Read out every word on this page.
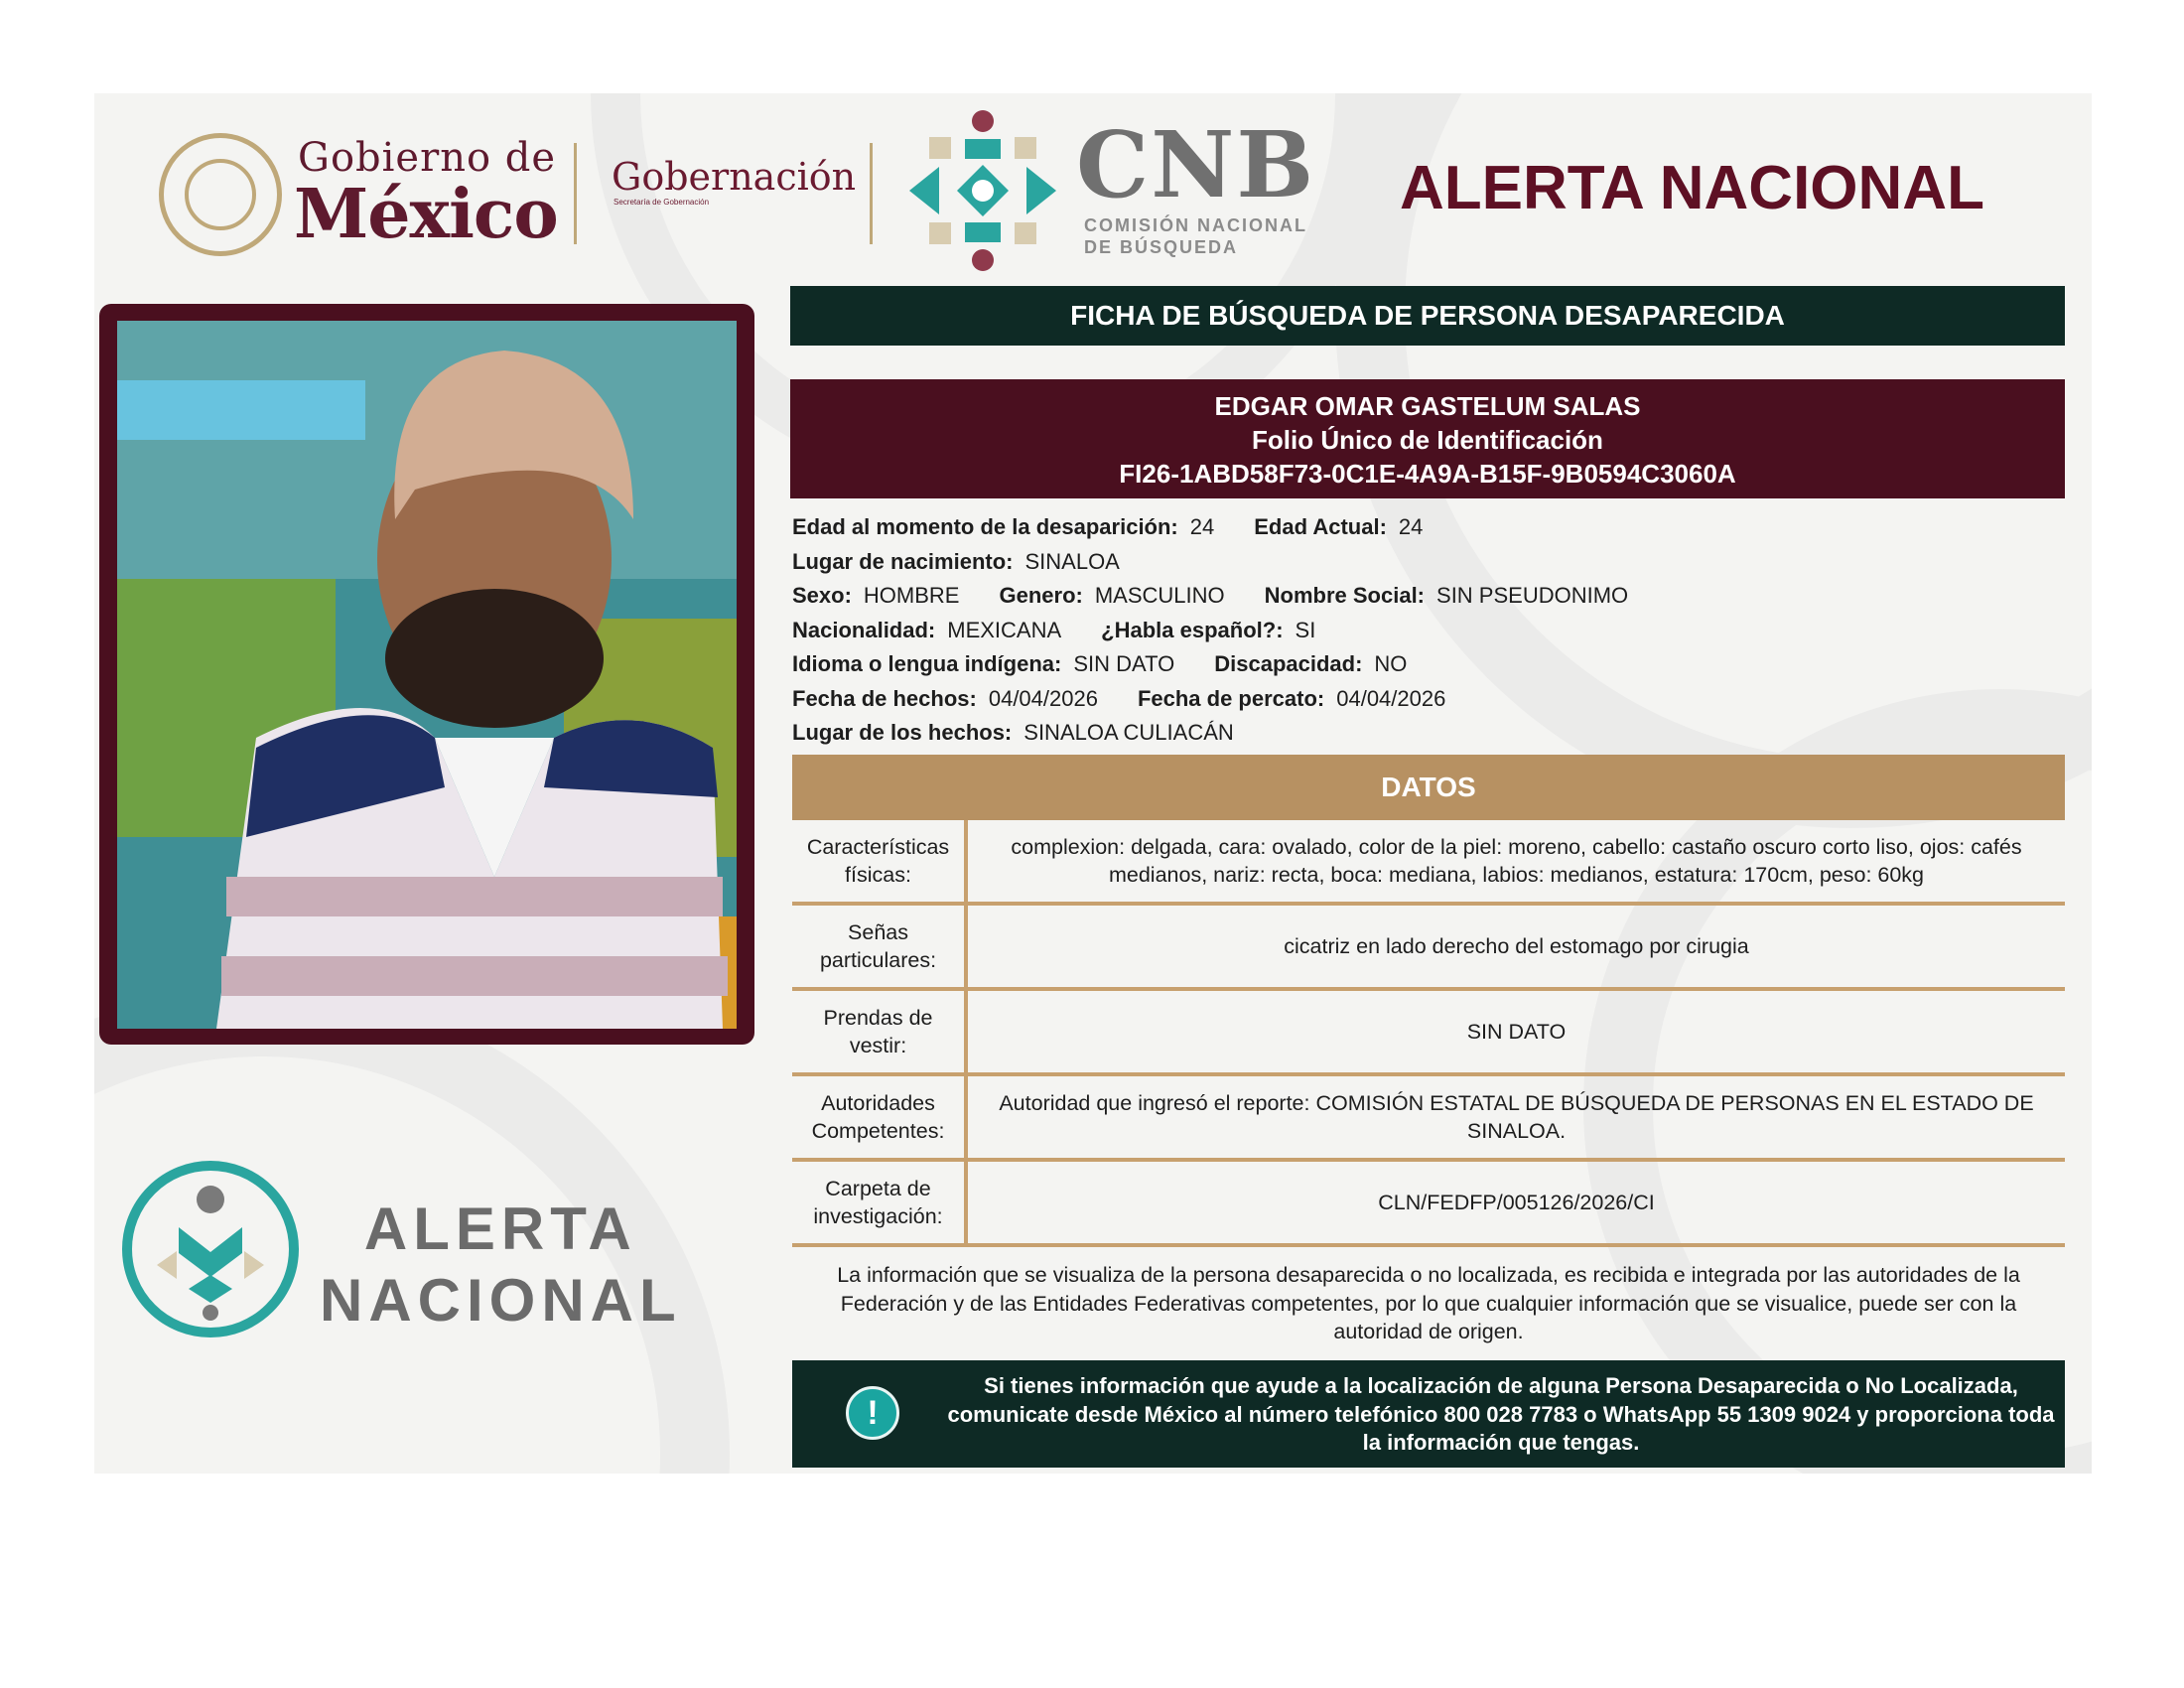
Gobierno de
México Gobernación
Secretaría de Gobernación	CNB
COMISIÓN NACIONAL
DE BÚSQUEDA
ALERTA NACIONAL
ALERTA
NACIONAL
FICHA DE BÚSQUEDA DE PERSONA DESAPARECIDA
EDGAR OMAR GASTELUM SALAS
Folio Único de Identificación
FI26-1ABD58F73-0C1E-4A9A-B15F-9B0594C3060A
Edad al momento de la desaparición: 24 Edad Actual: 24
Lugar de nacimiento: SINALOA
Sexo: HOMBRE Genero: MASCULINO Nombre Social: SIN PSEUDONIMO
Nacionalidad: MEXICANA ¿Habla español?: SI
Idioma o lengua indígena: SIN DATO Discapacidad: NO
Fecha de hechos: 04/04/2026 Fecha de percato: 04/04/2026
Lugar de los hechos: SINALOA CULIACÁN
DATOS
Características físicas:	complexion: delgada, cara: ovalado, color de la piel: moreno, cabello: castaño oscuro corto liso, ojos: cafés medianos, nariz: recta, boca: mediana, labios: medianos, estatura: 170cm, peso: 60kg
Señas particulares:	cicatriz en lado derecho del estomago por cirugia
Prendas de vestir:	SIN DATO
Autoridades Competentes:	Autoridad que ingresó el reporte: COMISIÓN ESTATAL DE BÚSQUEDA DE PERSONAS EN EL ESTADO DE SINALOA.
Carpeta de investigación:	CLN/FEDFP/005126/2026/CI
La información que se visualiza de la persona desaparecida o no localizada, es recibida e integrada por las autoridades de la Federación y de las Entidades Federativas competentes, por lo que cualquier información que se visualice, puede ser con la autoridad de origen.
!
Si tienes información que ayude a la localización de alguna Persona Desaparecida o No Localizada, comunicate desde México al número telefónico 800 028 7783 o WhatsApp 55 1309 9024 y proporciona toda la información que tengas.
